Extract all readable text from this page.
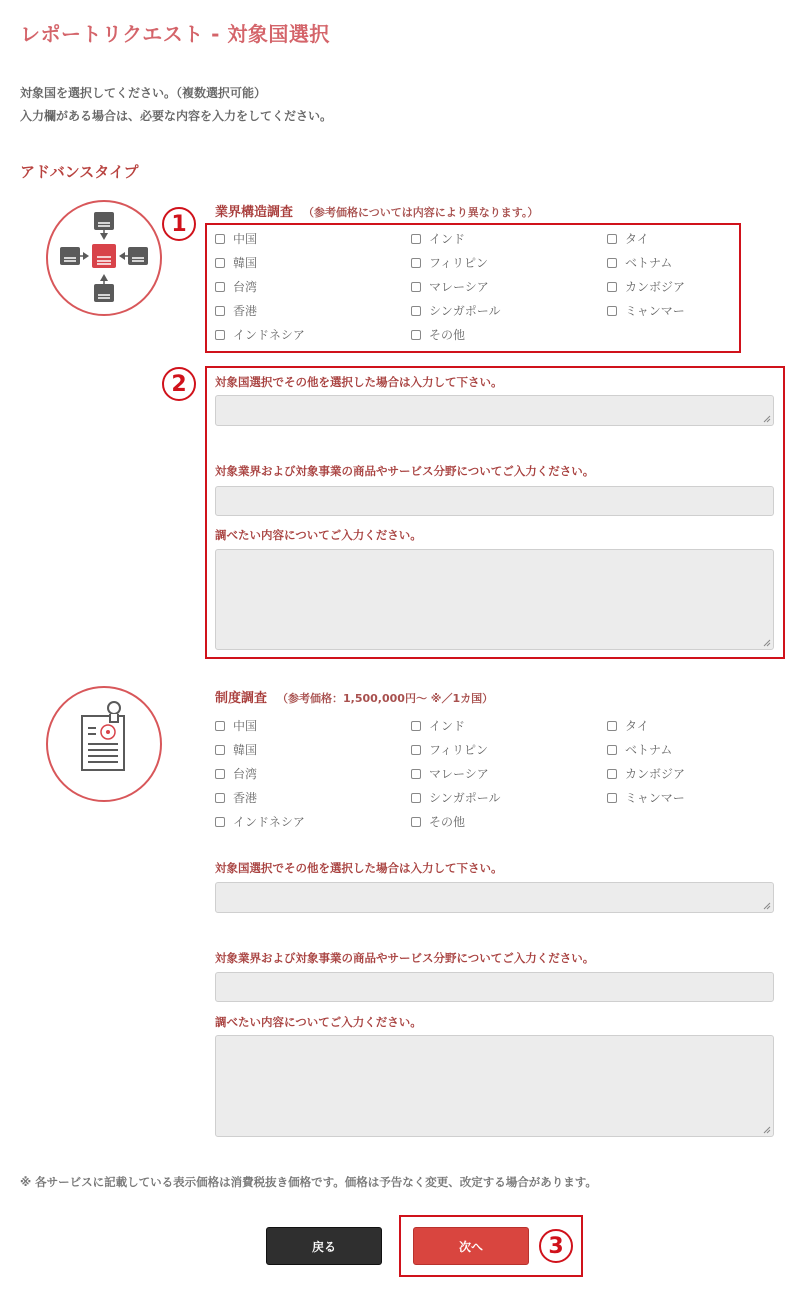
レポートリクエスト - 対象国選択
対象国を選択してください。（複数選択可能）
入力欄がある場合は、必要な内容を入力をしてください。
アドバンスタイプ
業界構造調査 （参考価格については内容により異なります。）
1
中国	インド	タイ
韓国	フィリピン	ベトナム
台湾	マレーシア	カンボジア
香港	シンガポール	ミャンマー
インドネシア	その他
2	対象国選択でその他を選択した場合は入力して下さい。
対象業界および対象事業の商品やサービス分野についてご入力ください。
調べたい内容についてご入力ください。
制度調査 （参考価格：1,500,000円〜 ※／1カ国）
中国	インド	タイ
韓国	フィリピン	ベトナム
台湾	マレーシア	カンボジア
香港	シンガポール	ミャンマー
インドネシア	その他
対象国選択でその他を選択した場合は入力して下さい。
対象業界および対象事業の商品やサービス分野についてご入力ください。
調べたい内容についてご入力ください。
※ 各サービスに記載している表示価格は消費税抜き価格です。価格は予告なく変更、改定する場合があります。
3
戻る	次へ
